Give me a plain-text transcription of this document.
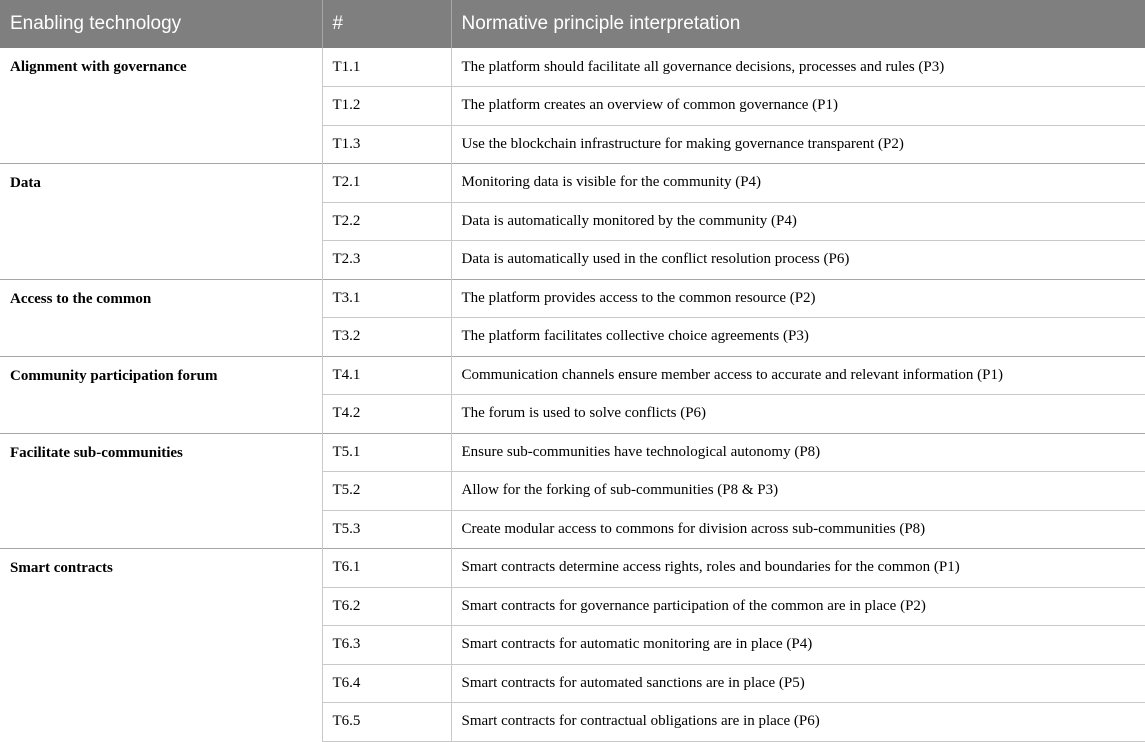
Enabling technology	#	Normative principle interpretation
Alignment with governance	T1.1	The platform should facilitate all governance decisions, processes and rules (P3)
	T1.2	The platform creates an overview of common governance (P1)
	T1.3	Use the blockchain infrastructure for making governance transparent (P2)
Data	T2.1	Monitoring data is visible for the community (P4)
	T2.2	Data is automatically monitored by the community (P4)
	T2.3	Data is automatically used in the conflict resolution process (P6)
Access to the common	T3.1	The platform provides access to the common resource (P2)
	T3.2	The platform facilitates collective choice agreements (P3)
Community participation forum	T4.1	Communication channels ensure member access to accurate and relevant information (P1)
	T4.2	The forum is used to solve conflicts (P6)
Facilitate sub-communities	T5.1	Ensure sub-communities have technological autonomy (P8)
	T5.2	Allow for the forking of sub-communities (P8 & P3)
	T5.3	Create modular access to commons for division across sub-communities (P8)
Smart contracts	T6.1	Smart contracts determine access rights, roles and boundaries for the common (P1)
	T6.2	Smart contracts for governance participation of the common are in place (P2)
	T6.3	Smart contracts for automatic monitoring are in place (P4)
	T6.4	Smart contracts for automated sanctions are in place (P5)
	T6.5	Smart contracts for contractual obligations are in place (P6)
